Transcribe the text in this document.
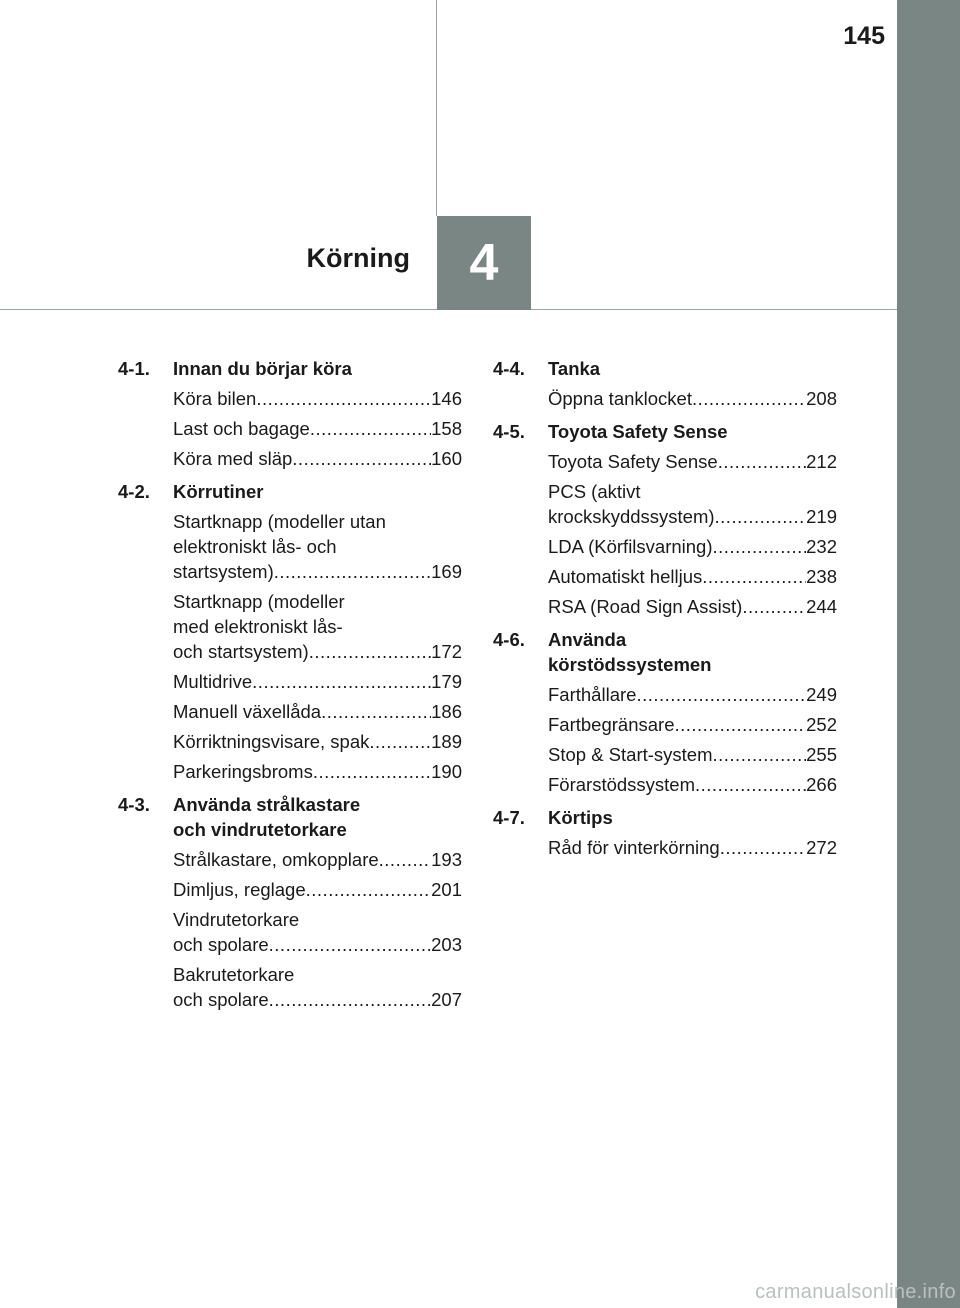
145
4
Körning
4-1.	Innan du börjar köra
Köra bilen .....	146
Last och bagage .....	158
Köra med släp .....	160
4-2.	Körrutiner
Startknapp (modeller utan
elektroniskt lås- och
startsystem) .....	169
Startknapp (modeller
med elektroniskt lås-
och startsystem) .....	172
Multidrive .....	179
Manuell växellåda .....	186
Körriktningsvisare, spak .....	189
Parkeringsbroms .....	190
4-3.	Använda strålkastare
och vindrutetorkare
Strålkastare, omkopplare .....	193
Dimljus, reglage .....	201
Vindrutetorkare
och spolare .....	203
Bakrutetorkare
och spolare .....	207
4-4.	Tanka
Öppna tanklocket .....	208
4-5.	Toyota Safety Sense
Toyota Safety Sense .....	212
PCS (aktivt
krockskyddssystem) .....	219
LDA (Körfilsvarning) .....	232
Automatiskt helljus .....	238
RSA (Road Sign Assist) .....	244
4-6.	Använda
körstödssystemen
Farthållare .....	249
Fartbegränsare .....	252
Stop & Start-system .....	255
Förarstödssystem .....	266
4-7.	Körtips
Råd för vinterkörning .....	272
carmanualsonline.info
